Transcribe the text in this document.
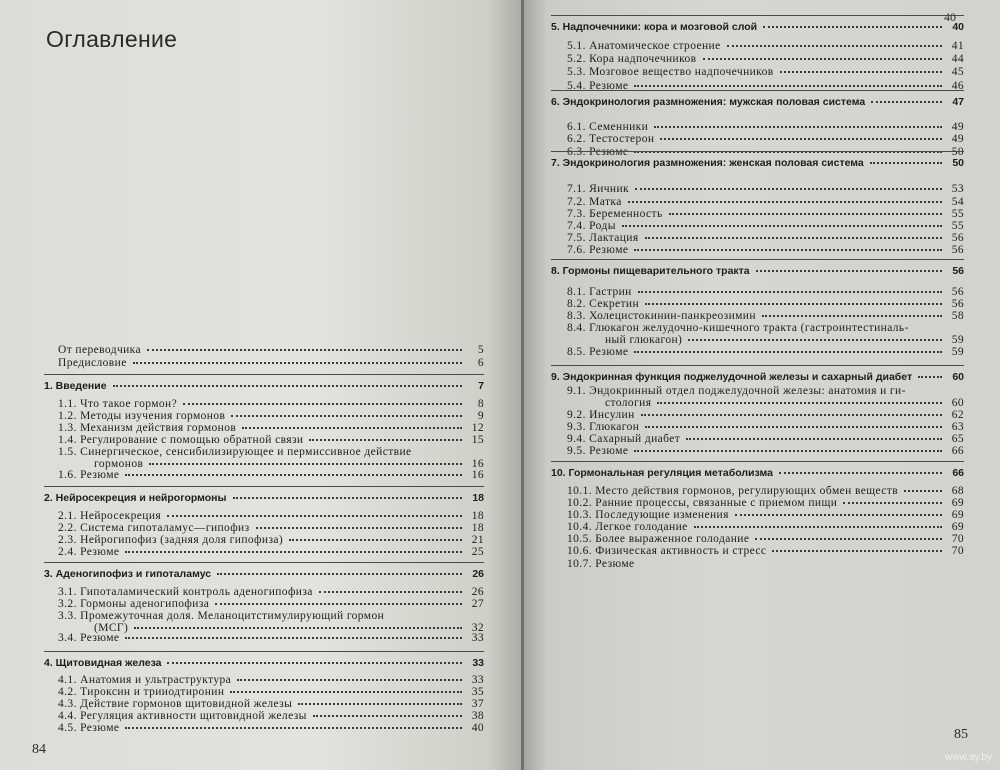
Оглавление
От переводчика	5
Предисловие	6
1. Введение	7
1.1. Что такое гормон?	8
1.2. Методы изучения гормонов	9
1.3. Механизм действия гормонов	12
1.4. Регулирование с помощью обратной связи	15
1.5. Синергическое, сенсибилизирующее и пермиссивное действие
гормонов	16
1.6. Резюме	16
2. Нейросекреция и нейрогормоны	18
2.1. Нейросекреция	18
2.2. Система гипоталамус—гипофиз	18
2.3. Нейрогипофиз (задняя доля гипофиза)	21
2.4. Резюме	25
3. Аденогипофиз и гипоталамус	26
3.1. Гипоталамический контроль аденогипофиза	26
3.2. Гормоны аденогипофиза	27
3.3. Промежуточная доля. Меланоцитстимулирующий гормон
(МСГ)	32
3.4. Резюме	33
4. Щитовидная железа	33
4.1. Анатомия и ультраструктура	33
4.2. Тироксин и трииодтиронин	35
4.3. Действие гормонов щитовидной железы	37
4.4. Регуляция активности щитовидной железы	38
4.5. Резюме	40
84
40
5. Надпочечники: кора и мозговой слой	40
5.1. Анатомическое строение	41
5.2. Кора надпочечников	44
5.3. Мозговое вещество надпочечников	45
5.4. Резюме	46
6. Эндокринология размножения: мужская половая система	47
6.1. Семенники	49
6.2. Тестостерон	49
6.3. Резюме	50
7. Эндокринология размножения: женская половая система	50
7.1. Яичник	53
7.2. Матка	54
7.3. Беременность	55
7.4. Роды	55
7.5. Лактация	56
7.6. Резюме	56
8. Гормоны пищеварительного тракта	56
8.1. Гастрин	56
8.2. Секретин	56
8.3. Холецистокинин-панкреозимин	58
8.4. Глюкагон желудочно-кишечного тракта (гастроинтестиналь-
ный глюкагон)	59
8.5. Резюме	59
9. Эндокринная функция поджелудочной железы и сахарный диабет	60
9.1. Эндокринный отдел поджелудочной железы: анатомия и ги-
стология	60
9.2. Инсулин	62
9.3. Глюкагон	63
9.4. Сахарный диабет	65
9.5. Резюме	66
10. Гормональная регуляция метаболизма	66
10.1. Место действия гормонов, регулирующих обмен веществ	68
10.2. Ранние процессы, связанные с приемом пищи	69
10.3. Последующие изменения	69
10.4. Легкое голодание	69
10.5. Более выраженное голодание	70
10.6. Физическая активность и стресс	70
10.7. Резюме
85
www.ay.by
